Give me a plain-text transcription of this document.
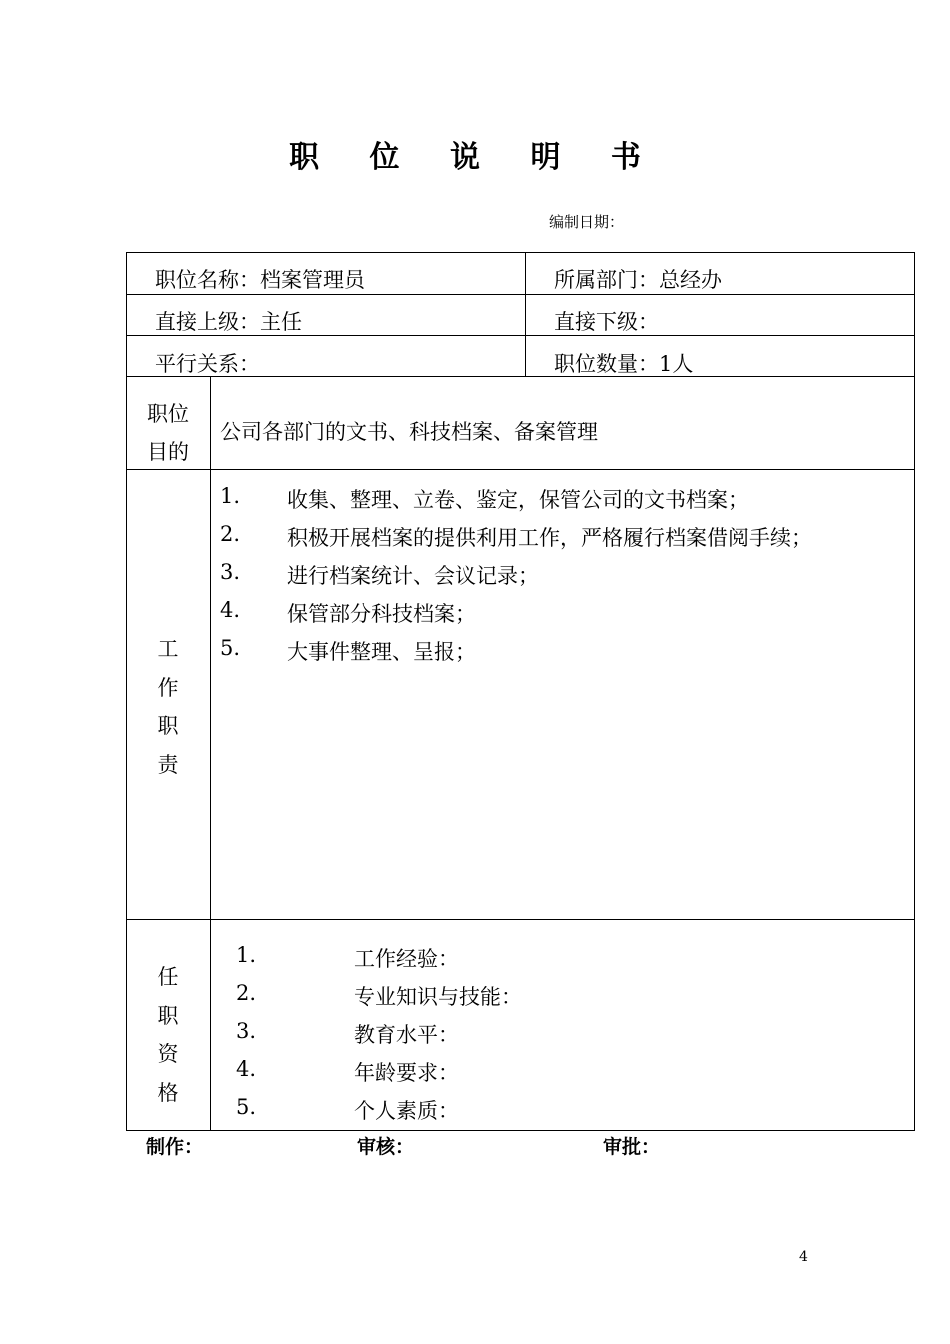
职 位 说 明 书
编制日期：
职位名称：档案管理员	所属部门：总经办
直接上级：主任	直接下级：
平行关系：	职位数量：1人
职位
目的
公司各部门的文书、科技档案、备案管理
工
作
职
责
1. 收集、整理、立卷、鉴定，保管公司的文书档案；
2. 积极开展档案的提供利用工作，严格履行档案借阅手续；
3. 进行档案统计、会议记录；
4. 保管部分科技档案；
5. 大事件整理、呈报；
任
职
资
格
1.	工作经验：
2.	专业知识与技能：
3.	教育水平：
4.	年龄要求：
5.	个人素质：
制作：	审核：	审批：
4
